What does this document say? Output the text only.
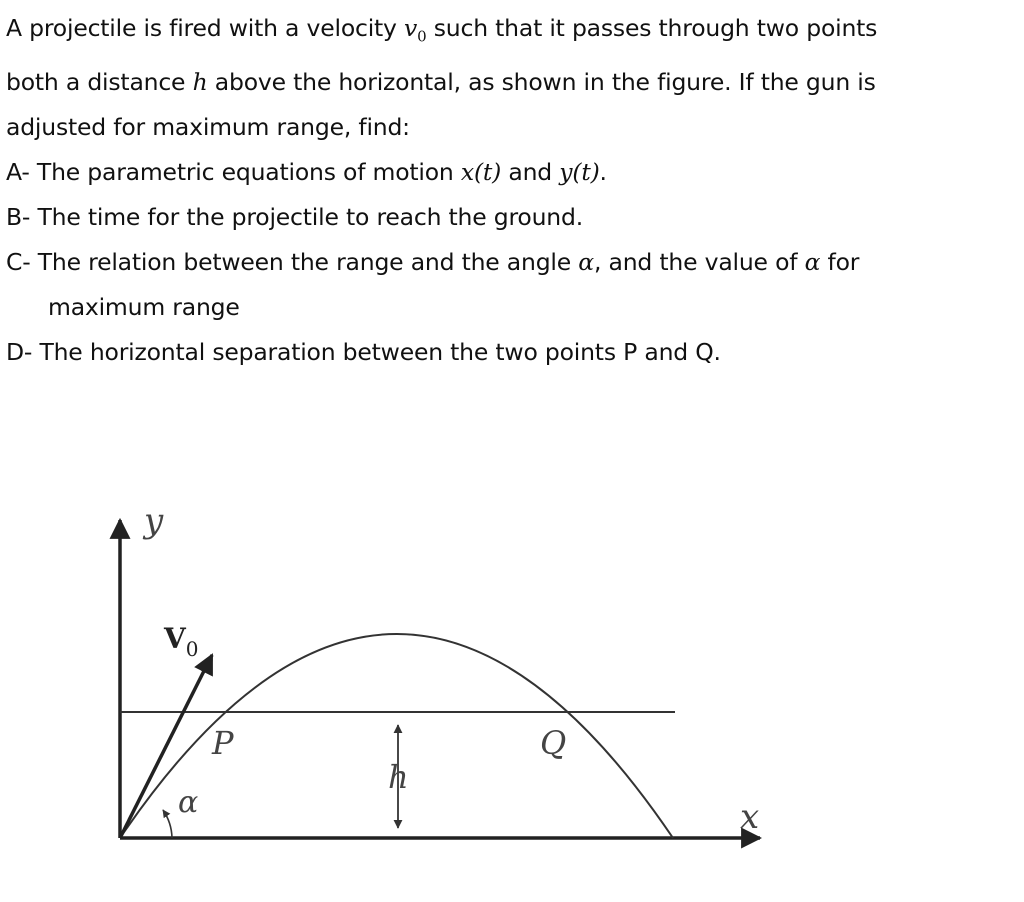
A projectile is fired with a velocity $v_0$ such that it passes through two points
both a distance h above the horizontal, as shown in the figure. If the gun is
adjusted for maximum range, find:
A- The parametric equations of motion x(t) and y(t).
B- The time for the projectile to reach the ground.
C- The relation between the range and the angle α, and the value of α for
maximum range
D- The horizontal separation between the two points P and Q.
y
x
$V_0$
P	Q
h
α
